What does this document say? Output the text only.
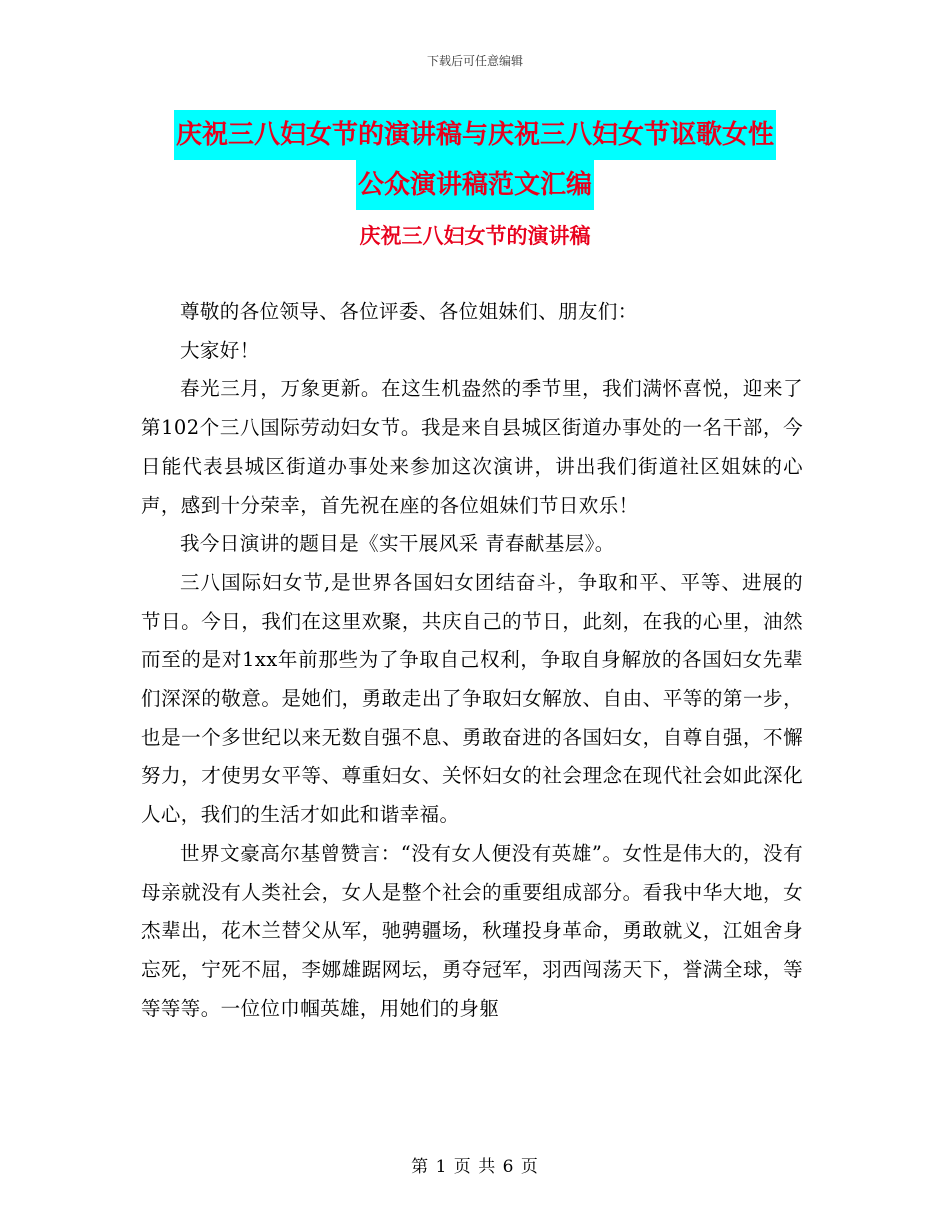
下载后可任意编辑
庆祝三八妇女节的演讲稿与庆祝三八妇女节讴歌女性
公众演讲稿范文汇编
庆祝三八妇女节的演讲稿

尊敬的各位领导、各位评委、各位姐妹们、朋友们：

大家好！

春光三月，万象更新。在这生机盎然的季节里，我们满怀喜悦，迎来了第102个三八国际劳动妇女节。我是来自县城区街道办事处的一名干部，今日能代表县城区街道办事处来参加这次演讲，讲出我们街道社区姐妹的心声，感到十分荣幸，首先祝在座的各位姐妹们节日欢乐！

我今日演讲的题目是《实干展风采 青春献基层》。

三八国际妇女节,是世界各国妇女团结奋斗，争取和平、平等、进展的节日。今日，我们在这里欢聚，共庆自己的节日，此刻，在我的心里，油然而至的是对1xx年前那些为了争取自己权利，争取自身解放的各国妇女先辈们深深的敬意。是她们，勇敢走出了争取妇女解放、自由、平等的第一步，也是一个多世纪以来无数自强不息、勇敢奋进的各国妇女，自尊自强，不懈努力，才使男女平等、尊重妇女、关怀妇女的社会理念在现代社会如此深化人心，我们的生活才如此和谐幸福。

世界文豪高尔基曾赞言：“没有女人便没有英雄”。女性是伟大的，没有母亲就没有人类社会，女人是整个社会的重要组成部分。看我中华大地，女杰辈出，花木兰替父从军，驰骋疆场，秋瑾投身革命，勇敢就义，江姐舍身忘死，宁死不屈，李娜雄踞网坛，勇夺冠军，羽西闯荡天下，誉满全球，等等等等。一位位巾帼英雄，用她们的身躯

第 1 页 共 6 页
